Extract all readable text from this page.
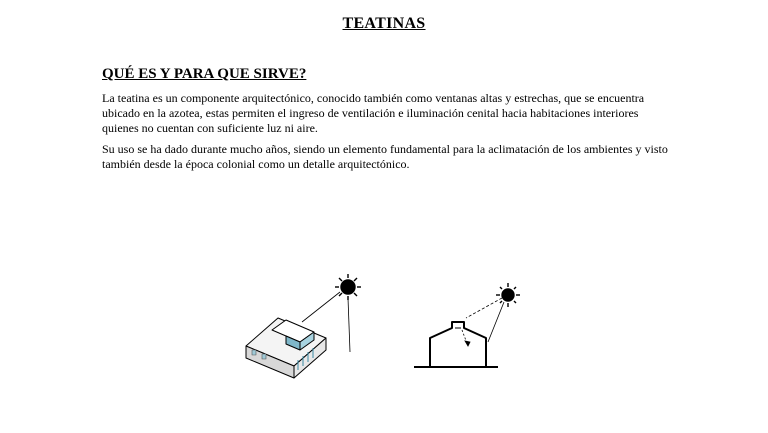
TEATINAS
QUÉ ES Y PARA QUE SIRVE?

La teatina es un componente arquitectónico, conocido también como ventanas altas y estrechas, que se encuentra ubicado en la azotea, estas permiten el ingreso de ventilación e iluminación cenital hacia habitaciones interiores quienes no cuentan con suficiente luz ni aire.

Su uso se ha dado durante mucho años, siendo un elemento fundamental para la aclimatación de los ambientes y visto también desde la época colonial como un detalle arquitectónico.
